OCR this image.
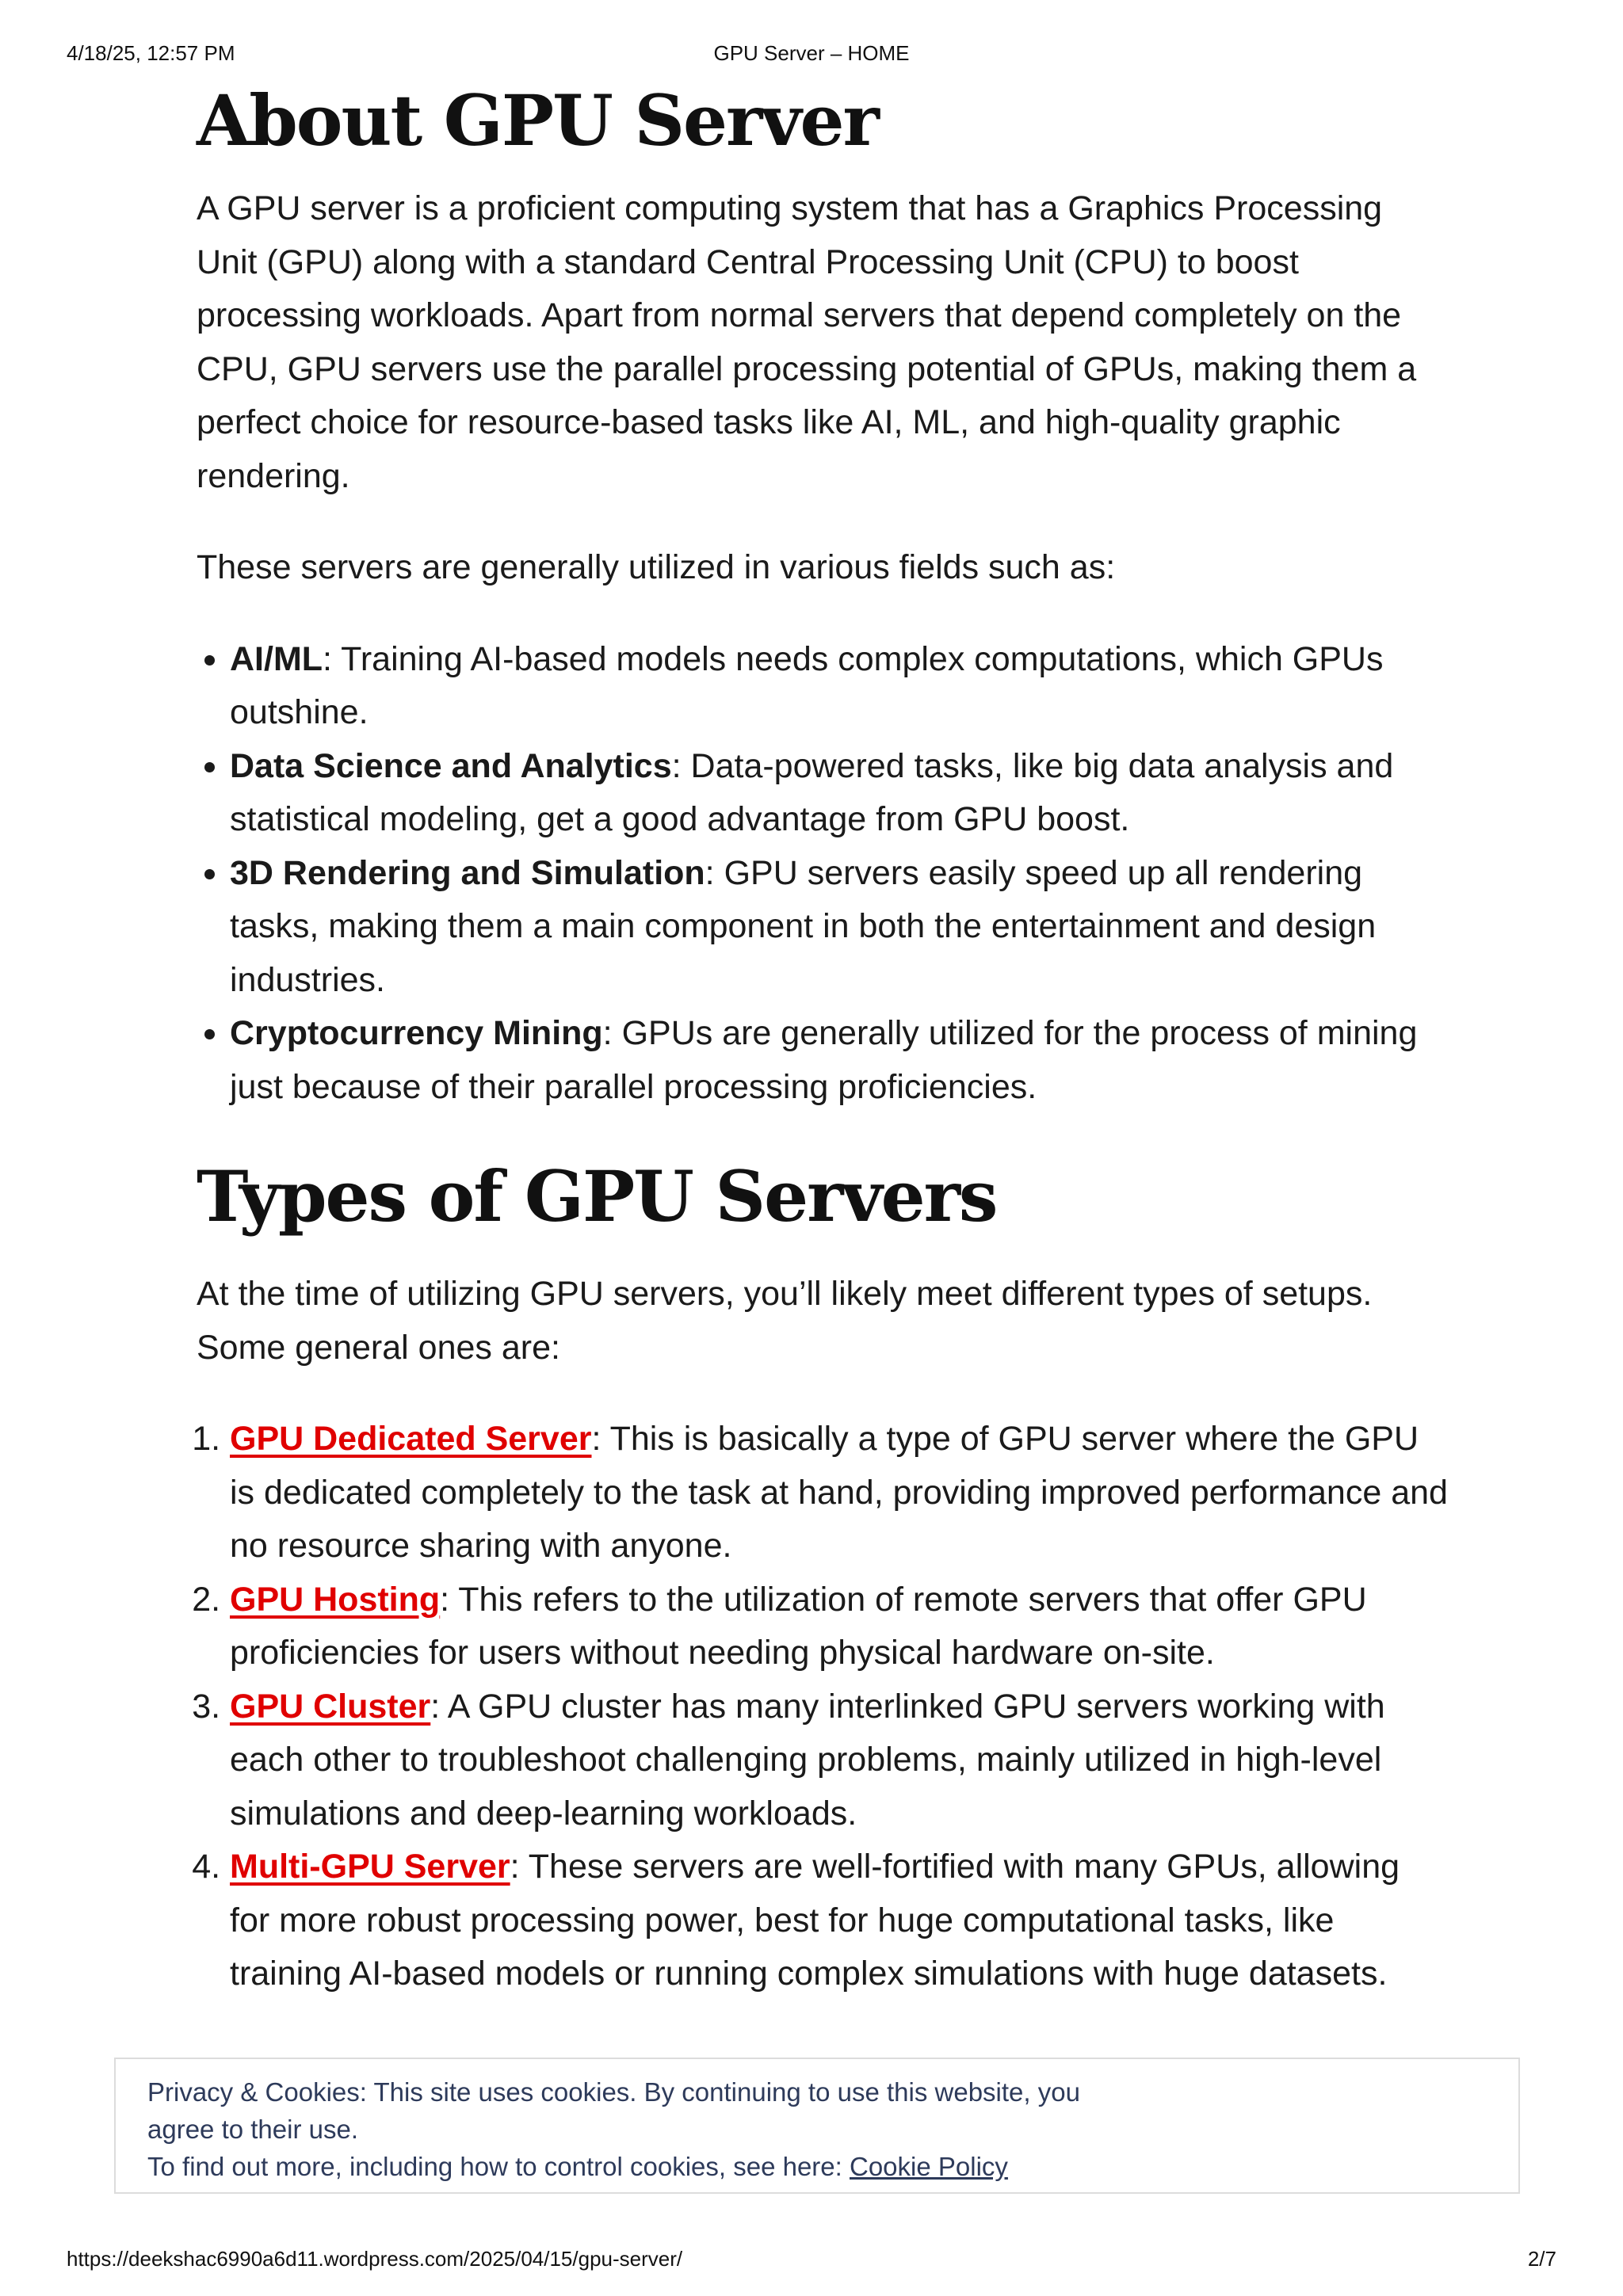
4/18/25, 12:57 PM	GPU Server – HOME
About GPU Server

A GPU server is a proficient computing system that has a Graphics Processing Unit (GPU) along with a standard Central Processing Unit (CPU) to boost processing workloads. Apart from normal servers that depend completely on the CPU, GPU servers use the parallel processing potential of GPUs, making them a perfect choice for resource-based tasks like AI, ML, and high-quality graphic rendering.

These servers are generally utilized in various fields such as:

• AI/ML: Training AI-based models needs complex computations, which GPUs outshine.
• Data Science and Analytics: Data-powered tasks, like big data analysis and statistical modeling, get a good advantage from GPU boost.
• 3D Rendering and Simulation: GPU servers easily speed up all rendering tasks, making them a main component in both the entertainment and design industries.
• Cryptocurrency Mining: GPUs are generally utilized for the process of mining just because of their parallel processing proficiencies.
Types of GPU Servers

At the time of utilizing GPU servers, you’ll likely meet different types of setups. Some general ones are:

1. GPU Dedicated Server: This is basically a type of GPU server where the GPU is dedicated completely to the task at hand, providing improved performance and no resource sharing with anyone.
2. GPU Hosting: This refers to the utilization of remote servers that offer GPU proficiencies for users without needing physical hardware on-site.
3. GPU Cluster: A GPU cluster has many interlinked GPU servers working with each other to troubleshoot challenging problems, mainly utilized in high-level simulations and deep-learning workloads.
4. Multi-GPU Server: These servers are well-fortified with many GPUs, allowing for more robust processing power, best for huge computational tasks, like training AI-based models or running complex simulations with huge datasets.
Privacy & Cookies: This site uses cookies. By continuing to use this website, you
agree to their use.
To find out more, including how to control cookies, see here: Cookie Policy
https://deekshac6990a6d11.wordpress.com/2025/04/15/gpu-server/	2/7
